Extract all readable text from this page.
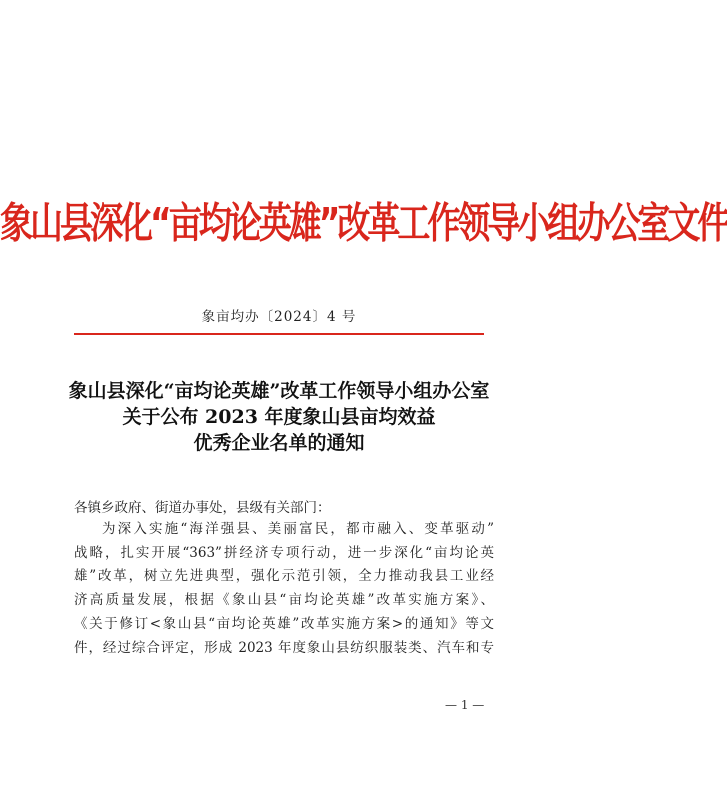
象山县深化“亩均论英雄”改革工作领导小组办公室文件
象亩均办〔2024〕4 号
象山县深化“亩均论英雄”改革工作领导小组办公室
关于公布 2023 年度象山县亩均效益
优秀企业名单的通知
各镇乡政府、街道办事处，县级有关部门：
为深入实施“海洋强县、美丽富民，都市融入、变革驱动”
战略，扎实开展“363”拼经济专项行动，进一步深化“亩均论英
雄”改革，树立先进典型，强化示范引领，全力推动我县工业经
济高质量发展，根据《象山县“亩均论英雄”改革实施方案》、
《关于修订<象山县“亩均论英雄”改革实施方案>的通知》等文
件，经过综合评定，形成 2023 年度象山县纺织服装类、汽车和专
— 1 —
